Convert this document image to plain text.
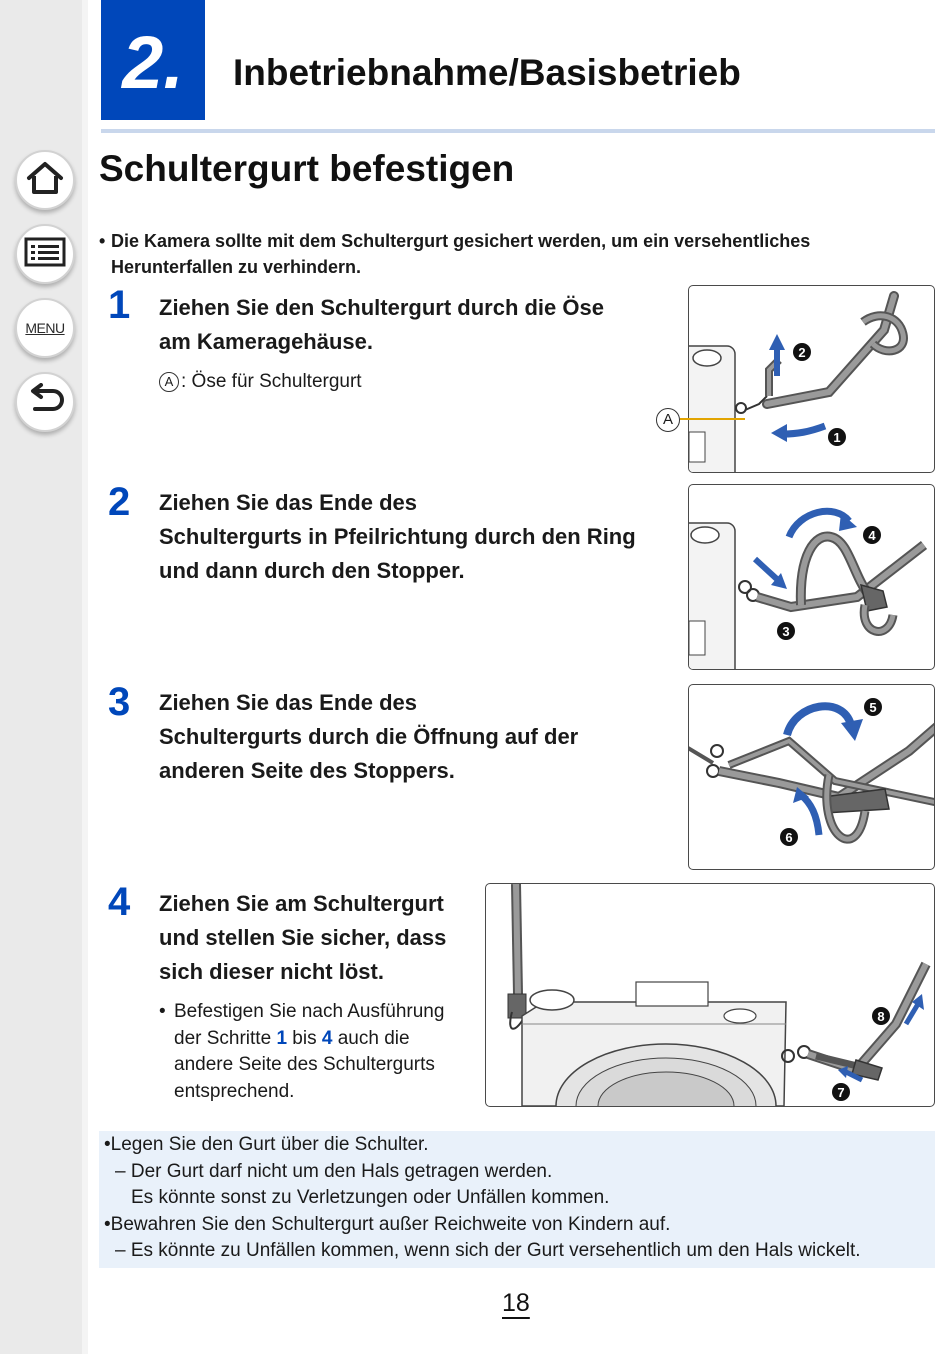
MENU
2.	Inbetriebnahme/Basisbetrieb
Schultergurt befestigen
• Die Kamera sollte mit dem Schultergurt gesichert werden, um ein versehentliches
Herunterfallen zu verhindern.
1 Ziehen Sie den Schultergurt durch die Öse
am Kameragehäuse.
A : Öse für Schultergurt
2 Ziehen Sie das Ende des
Schultergurts in Pfeilrichtung durch den Ring
und dann durch den Stopper.
3 Ziehen Sie das Ende des
Schultergurts durch die Öffnung auf der
anderen Seite des Stoppers.
4 Ziehen Sie am Schultergurt
und stellen Sie sicher, dass
sich dieser nicht löst.
• Befestigen Sie nach Ausführung der Schritte 1 bis 4 auch die andere Seite des Schultergurts entsprechend.
2
1
A
4
3
5
6
8
7
•Legen Sie den Gurt über die Schulter.
– Der Gurt darf nicht um den Hals getragen werden.
Es könnte sonst zu Verletzungen oder Unfällen kommen.
•Bewahren Sie den Schultergurt außer Reichweite von Kindern auf.
– Es könnte zu Unfällen kommen, wenn sich der Gurt versehentlich um den Hals wickelt.
18
